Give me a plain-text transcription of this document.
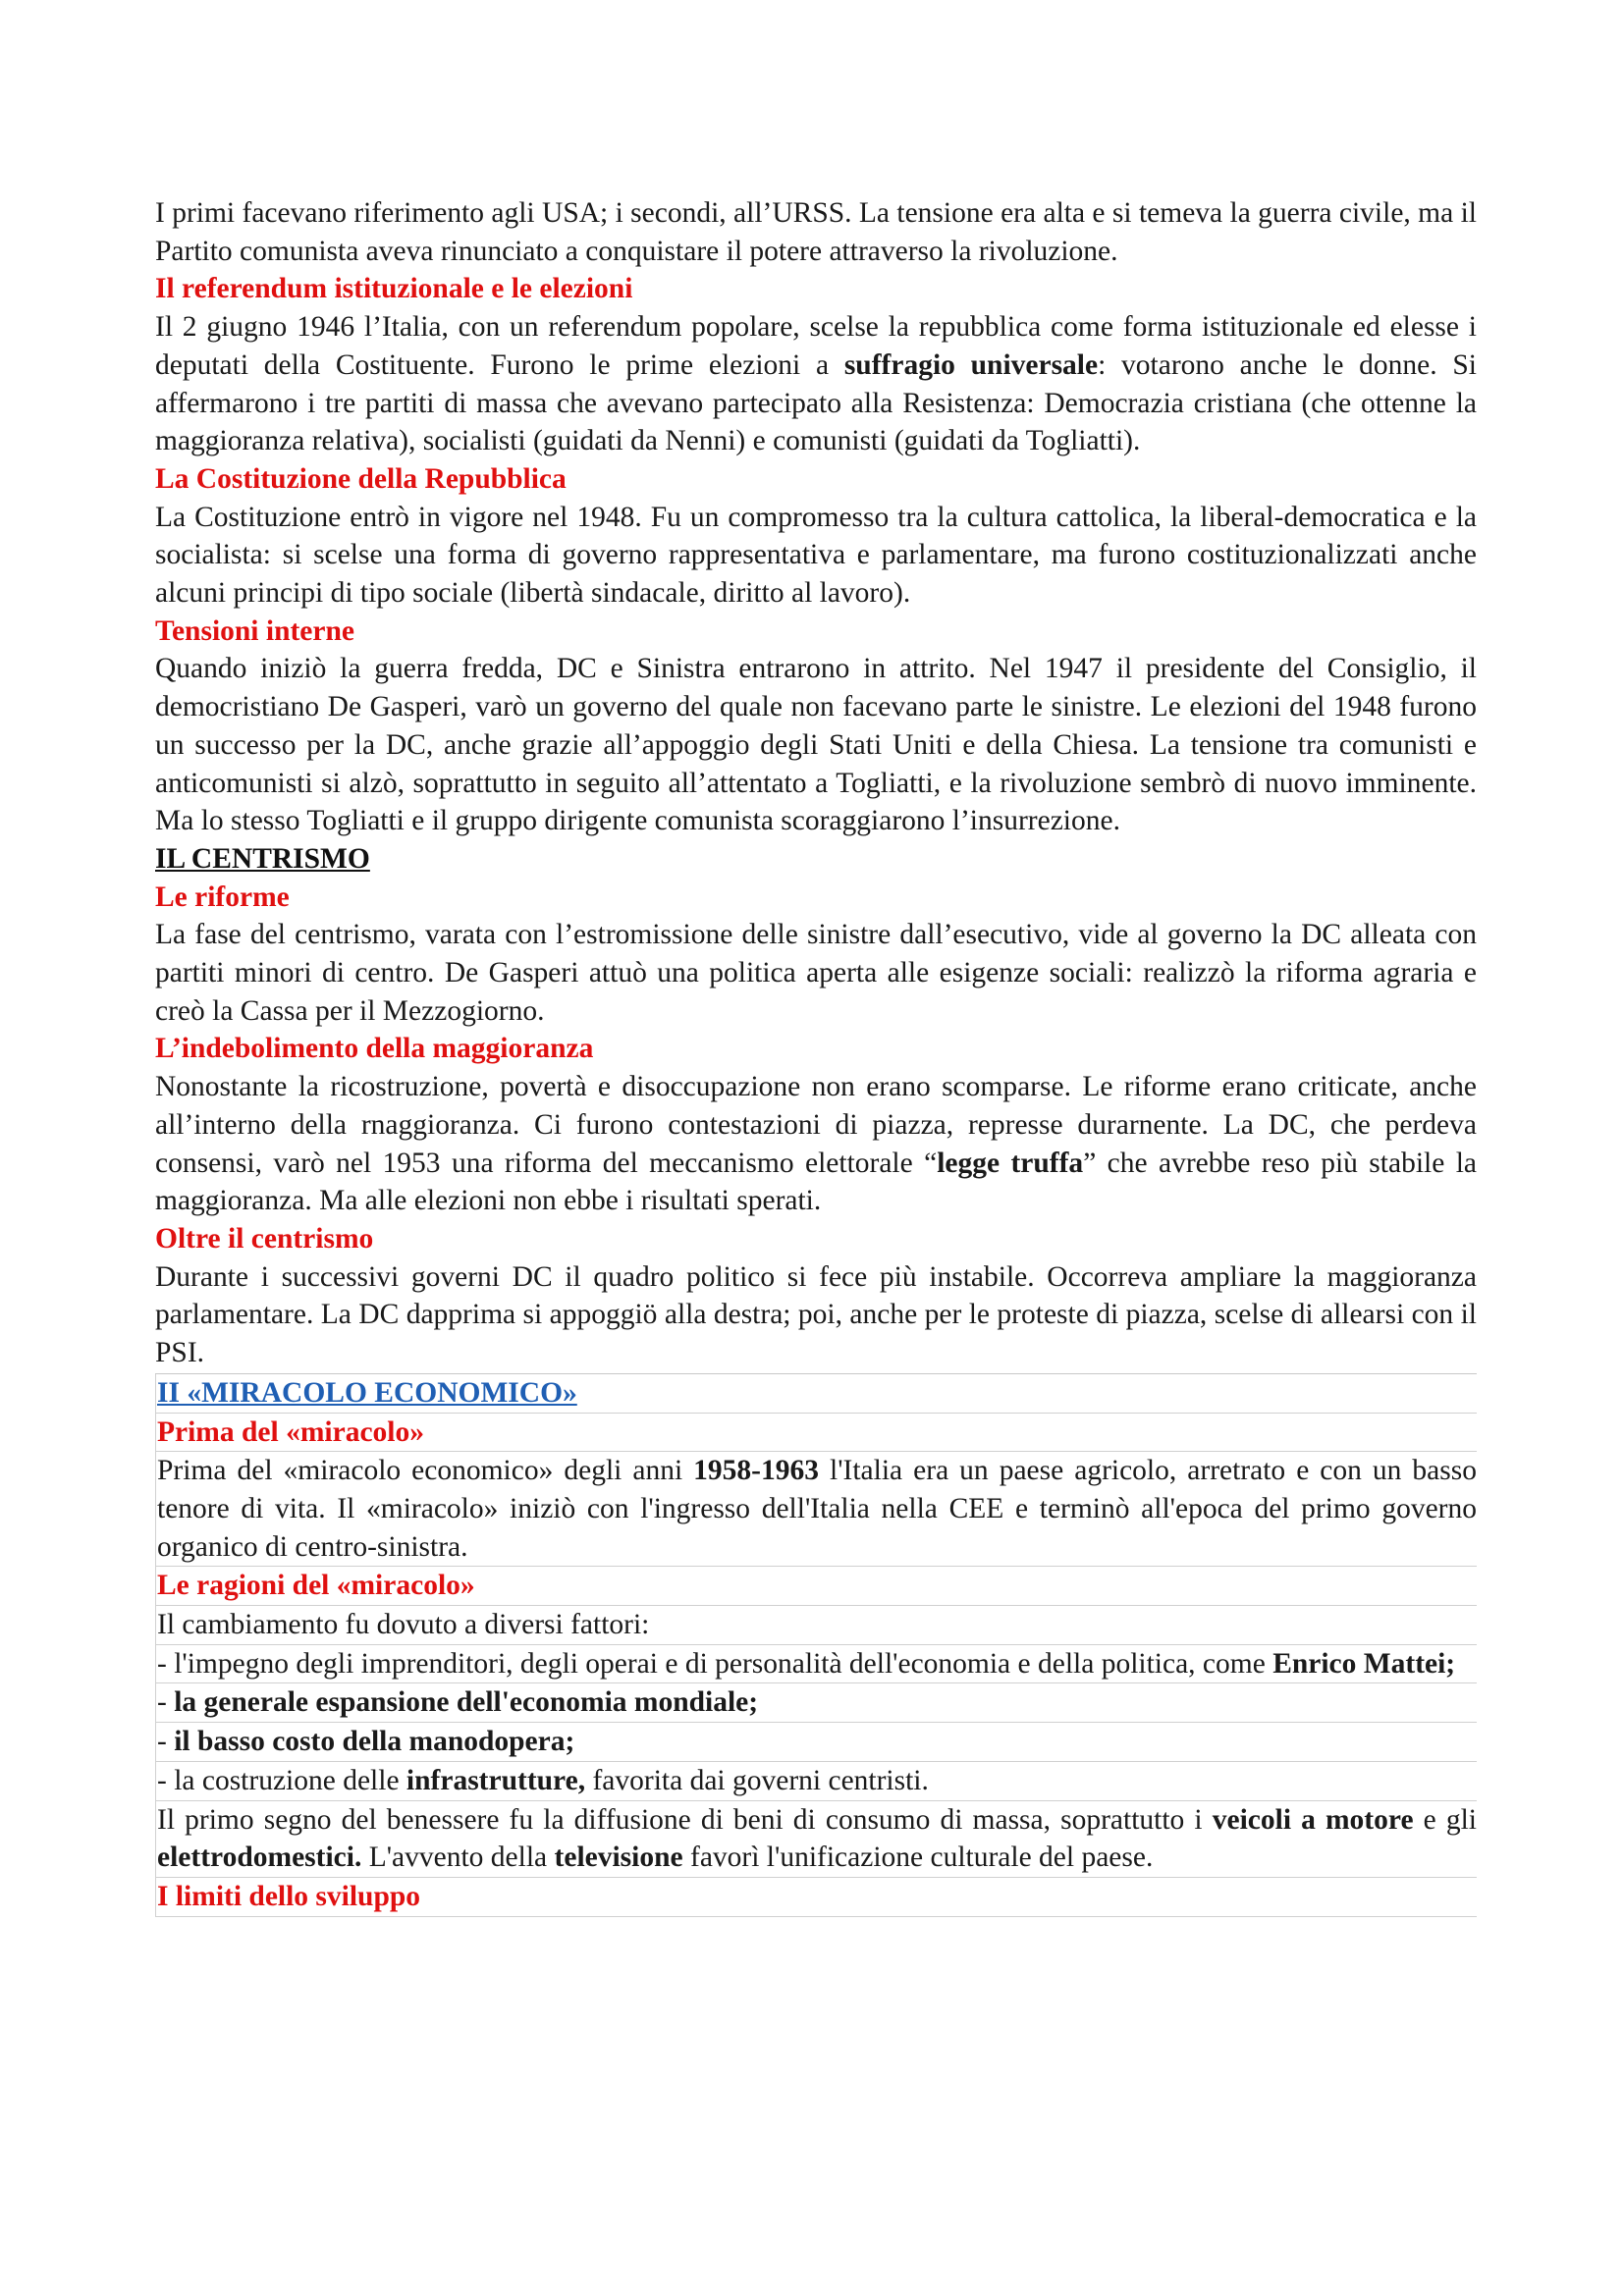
I primi facevano riferimento agli USA; i secondi, all’URSS. La tensione era alta e si temeva la guerra civile, ma il Partito comunista aveva rinunciato a conquistare il potere attraverso la rivoluzione.

Il referendum istituzionale e le elezioni

Il 2 giugno 1946 l’Italia, con un referendum popolare, scelse la repubblica come forma istituzionale ed elesse i deputati della Costituente. Furono le prime elezioni a suffragio universale: votarono anche le donne. Si affermarono i tre partiti di massa che avevano partecipato alla Resistenza: Democrazia cristiana (che ottenne la maggioranza relativa), socialisti (guidati da Nenni) e comunisti (guidati da Togliatti).

La Costituzione della Repubblica

La Costituzione entrò in vigore nel 1948. Fu un compromesso tra la cultura cattolica, la liberal-democratica e la socialista: si scelse una forma di governo rappresentativa e parlamentare, ma furono costituzionalizzati anche alcuni principi di tipo sociale (libertà sindacale, diritto al lavoro).

Tensioni interne

Quando iniziò la guerra fredda, DC e Sinistra entrarono in attrito. Nel 1947 il presidente del Consiglio, il democristiano De Gasperi, varò un governo del quale non facevano parte le sinistre. Le elezioni del 1948 furono un successo per la DC, anche grazie all’appoggio degli Stati Uniti e della Chiesa. La tensione tra comunisti e anticomunisti si alzò, soprattutto in seguito all’attentato a Togliatti, e la rivoluzione sembrò di nuovo imminente. Ma lo stesso Togliatti e il gruppo dirigente comunista scoraggiarono l’insurrezione.

IL CENTRISMO
Le riforme

La fase del centrismo, varata con l’estromissione delle sinistre dall’esecutivo, vide al governo la DC alleata con partiti minori di centro. De Gasperi attuò una politica aperta alle esigenze sociali: realizzò la riforma agraria e creò la Cassa per il Mezzogiorno.

L’indebolimento della maggioranza

Nonostante la ricostruzione, povertà e disoccupazione non erano scomparse. Le riforme erano criticate, anche all’interno della rnaggioranza. Ci furono contestazioni di piazza, represse durarnente. La DC, che perdeva consensi, varò nel 1953 una riforma del meccanismo elettorale “legge truffa” che avrebbe reso più stabile la maggioranza. Ma alle elezioni non ebbe i risultati sperati.

Oltre il centrismo

Durante i successivi governi DC il quadro politico si fece più instabile. Occorreva ampliare la maggioranza parlamentare. La DC dapprima si appoggiö alla destra; poi, anche per le proteste di piazza, scelse di allearsi con il PSI.

II «MIRACOLO ECONOMICO»
Prima del «miracolo»

Prima del «miracolo economico» degli anni 1958-1963 l'Italia era un paese agricolo, arretrato e con un basso tenore di vita. Il «miracolo» iniziò con l'ingresso dell'Italia nella CEE e terminò all'epoca del primo governo organico di centro-sinistra.

Le ragioni del «miracolo»

Il cambiamento fu dovuto a diversi fattori:

- l'impegno degli imprenditori, degli operai e di personalità dell'economia e della politica, come Enrico Mattei;

- la generale espansione dell'economia mondiale;

- il basso costo della manodopera;

- la costruzione delle infrastrutture, favorita dai governi centristi.

Il primo segno del benessere fu la diffusione di beni di consumo di massa, soprattutto i veicoli a motore e gli elettrodomestici. L'avvento della televisione favorì l'unificazione culturale del paese.

I limiti dello sviluppo
